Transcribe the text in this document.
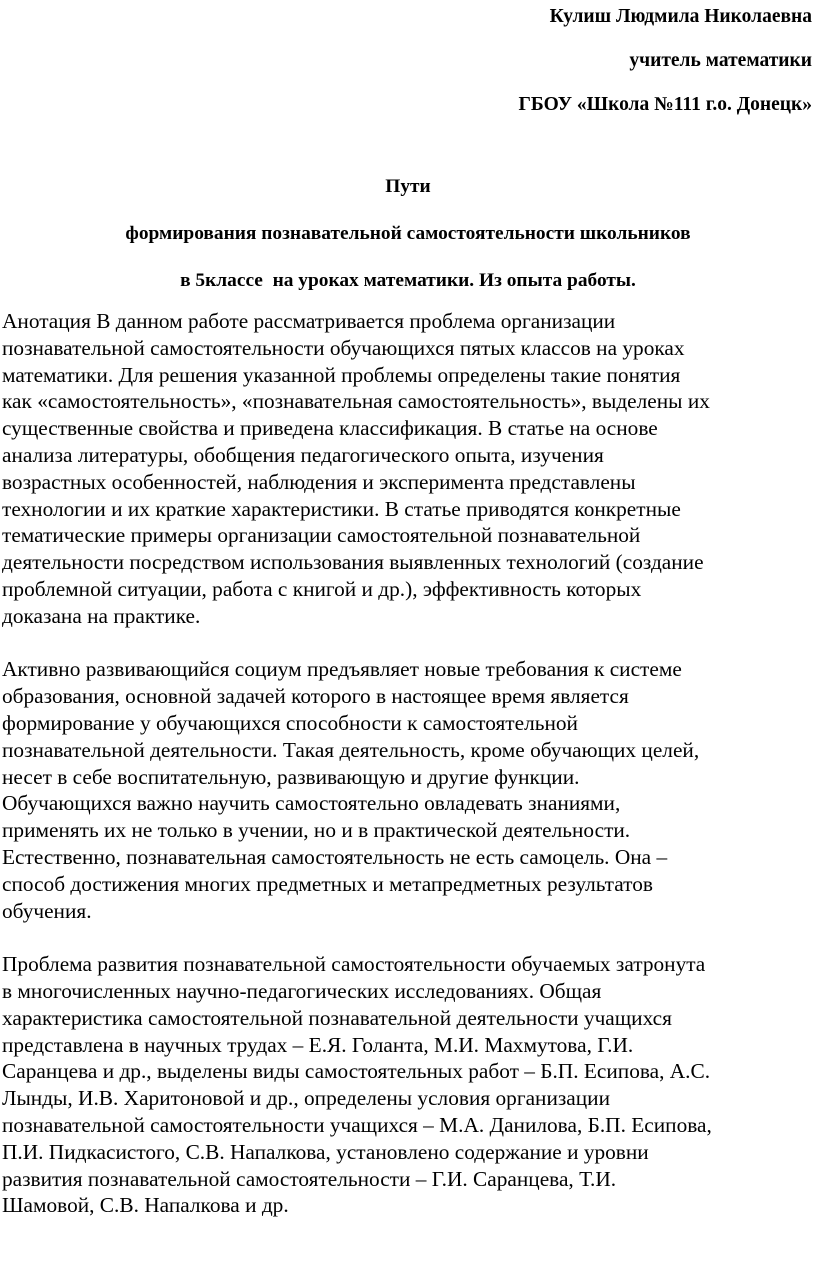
Кулиш Людмила Николаевна
учитель математики
ГБОУ «Школа №111 г.о. Донецк»
Пути
формирования познавательной самостоятельности школьников
в 5классе  на уроках математики. Из опыта работы.
Анотация В данном работе рассматривается проблема организации
познавательной самостоятельности обучающихся пятых классов на уроках
математики. Для решения указанной проблемы определены такие понятия
как «самостоятельность», «познавательная самостоятельность», выделены их
существенные свойства и приведена классификация. В статье на основе
анализа литературы, обобщения педагогического опыта, изучения
возрастных особенностей, наблюдения и эксперимента представлены
технологии и их краткие характеристики. В статье приводятся конкретные
тематические примеры организации самостоятельной познавательной
деятельности посредством использования выявленных технологий (создание
проблемной ситуации, работа с книгой и др.), эффективность которых
доказана на практике.
Активно развивающийся социум предъявляет новые требования к системе
образования, основной задачей которого в настоящее время является
формирование у обучающихся способности к самостоятельной
познавательной деятельности. Такая деятельность, кроме обучающих целей,
несет в себе воспитательную, развивающую и другие функции.
Обучающихся важно научить самостоятельно овладевать знаниями,
применять их не только в учении, но и в практической деятельности.
Естественно, познавательная самостоятельность не есть самоцель. Она –
способ достижения многих предметных и метапредметных результатов
обучения.
Проблема развития познавательной самостоятельности обучаемых затронута
в многочисленных научно-педагогических исследованиях. Общая
характеристика самостоятельной познавательной деятельности учащихся
представлена в научных трудах – Е.Я. Голанта, М.И. Махмутова, Г.И.
Саранцева и др., выделены виды самостоятельных работ – Б.П. Есипова, А.С.
Лынды, И.В. Харитоновой и др., определены условия организации
познавательной самостоятельности учащихся – М.А. Данилова, Б.П. Есипова,
П.И. Пидкасистого, С.В. Напалкова, установлено содержание и уровни
развития познавательной самостоятельности – Г.И. Саранцева, Т.И.
Шамовой, С.В. Напалкова и др.
